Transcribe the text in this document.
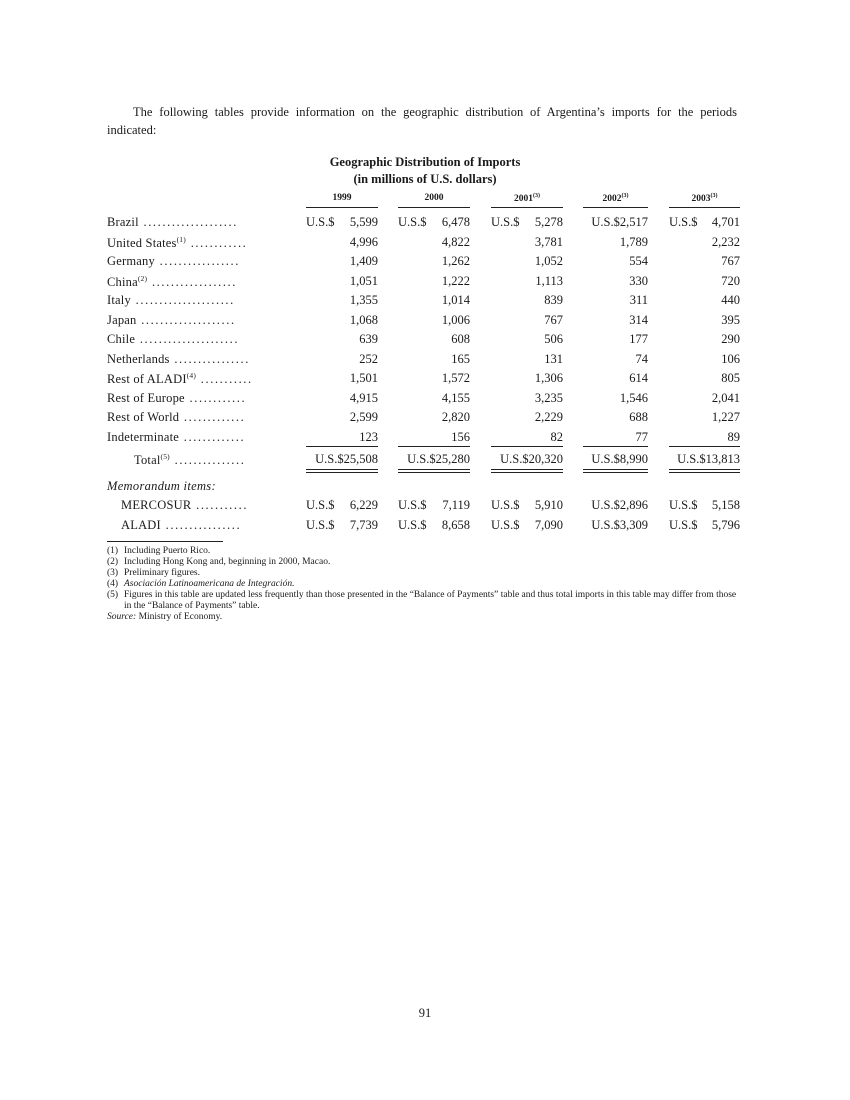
The following tables provide information on the geographic distribution of Argentina’s imports for the periods indicated:

Geographic Distribution of Imports
(in millions of U.S. dollars)
1999	2000	2001$^{(3)}$	2002$^{(3)}$	2003$^{(3)}$
Brazil ....................	U.S.$ 5,599 U.S.$ 6,478 U.S.$ 5,278 U.S.$2,517 U.S.$ 4,701
United States$^{(1)}$ ............	4,996	4,822	3,781	1,789	2,232
Germany .................	1,409	1,262	1,052	554	767
China$^{(2)}$ ..................	1,051	1,222	1,113	330	720
Italy .....................	1,355	1,014	839	311	440
Japan ....................	1,068	1,006	767	314	395
Chile .....................	639	608	506	177	290
Netherlands ................	252	165	131	74	106
Rest of ALADI$^{(4)}$ ...........	1,501	1,572	1,306	614	805
Rest of Europe ............	4,915	4,155	3,235	1,546	2,041
Rest of World .............	2,599	2,820	2,229	688	1,227
Indeterminate .............	123	156	82	77	89
Total$^{(5)}$ ...............	U.S.$25,508 U.S.$25,280 U.S.$20,320 U.S.$8,990 U.S.$13,813
Memorandum items:
MERCOSUR ...........	U.S.$ 6,229 U.S.$ 7,119 U.S.$ 5,910 U.S.$2,896 U.S.$ 5,158
ALADI ................	U.S.$ 7,739 U.S.$ 8,658 U.S.$ 7,090 U.S.$3,309 U.S.$ 5,796
(1) Including Puerto Rico.
(2) Including Hong Kong and, beginning in 2000, Macao.
(3) Preliminary figures.
(4) Asociación Latinoamericana de Integración.
(5) Figures in this table are updated less frequently than those presented in the “Balance of Payments” table and thus total imports in this table may differ from those in the “Balance of Payments” table.
Source: Ministry of Economy.
91
